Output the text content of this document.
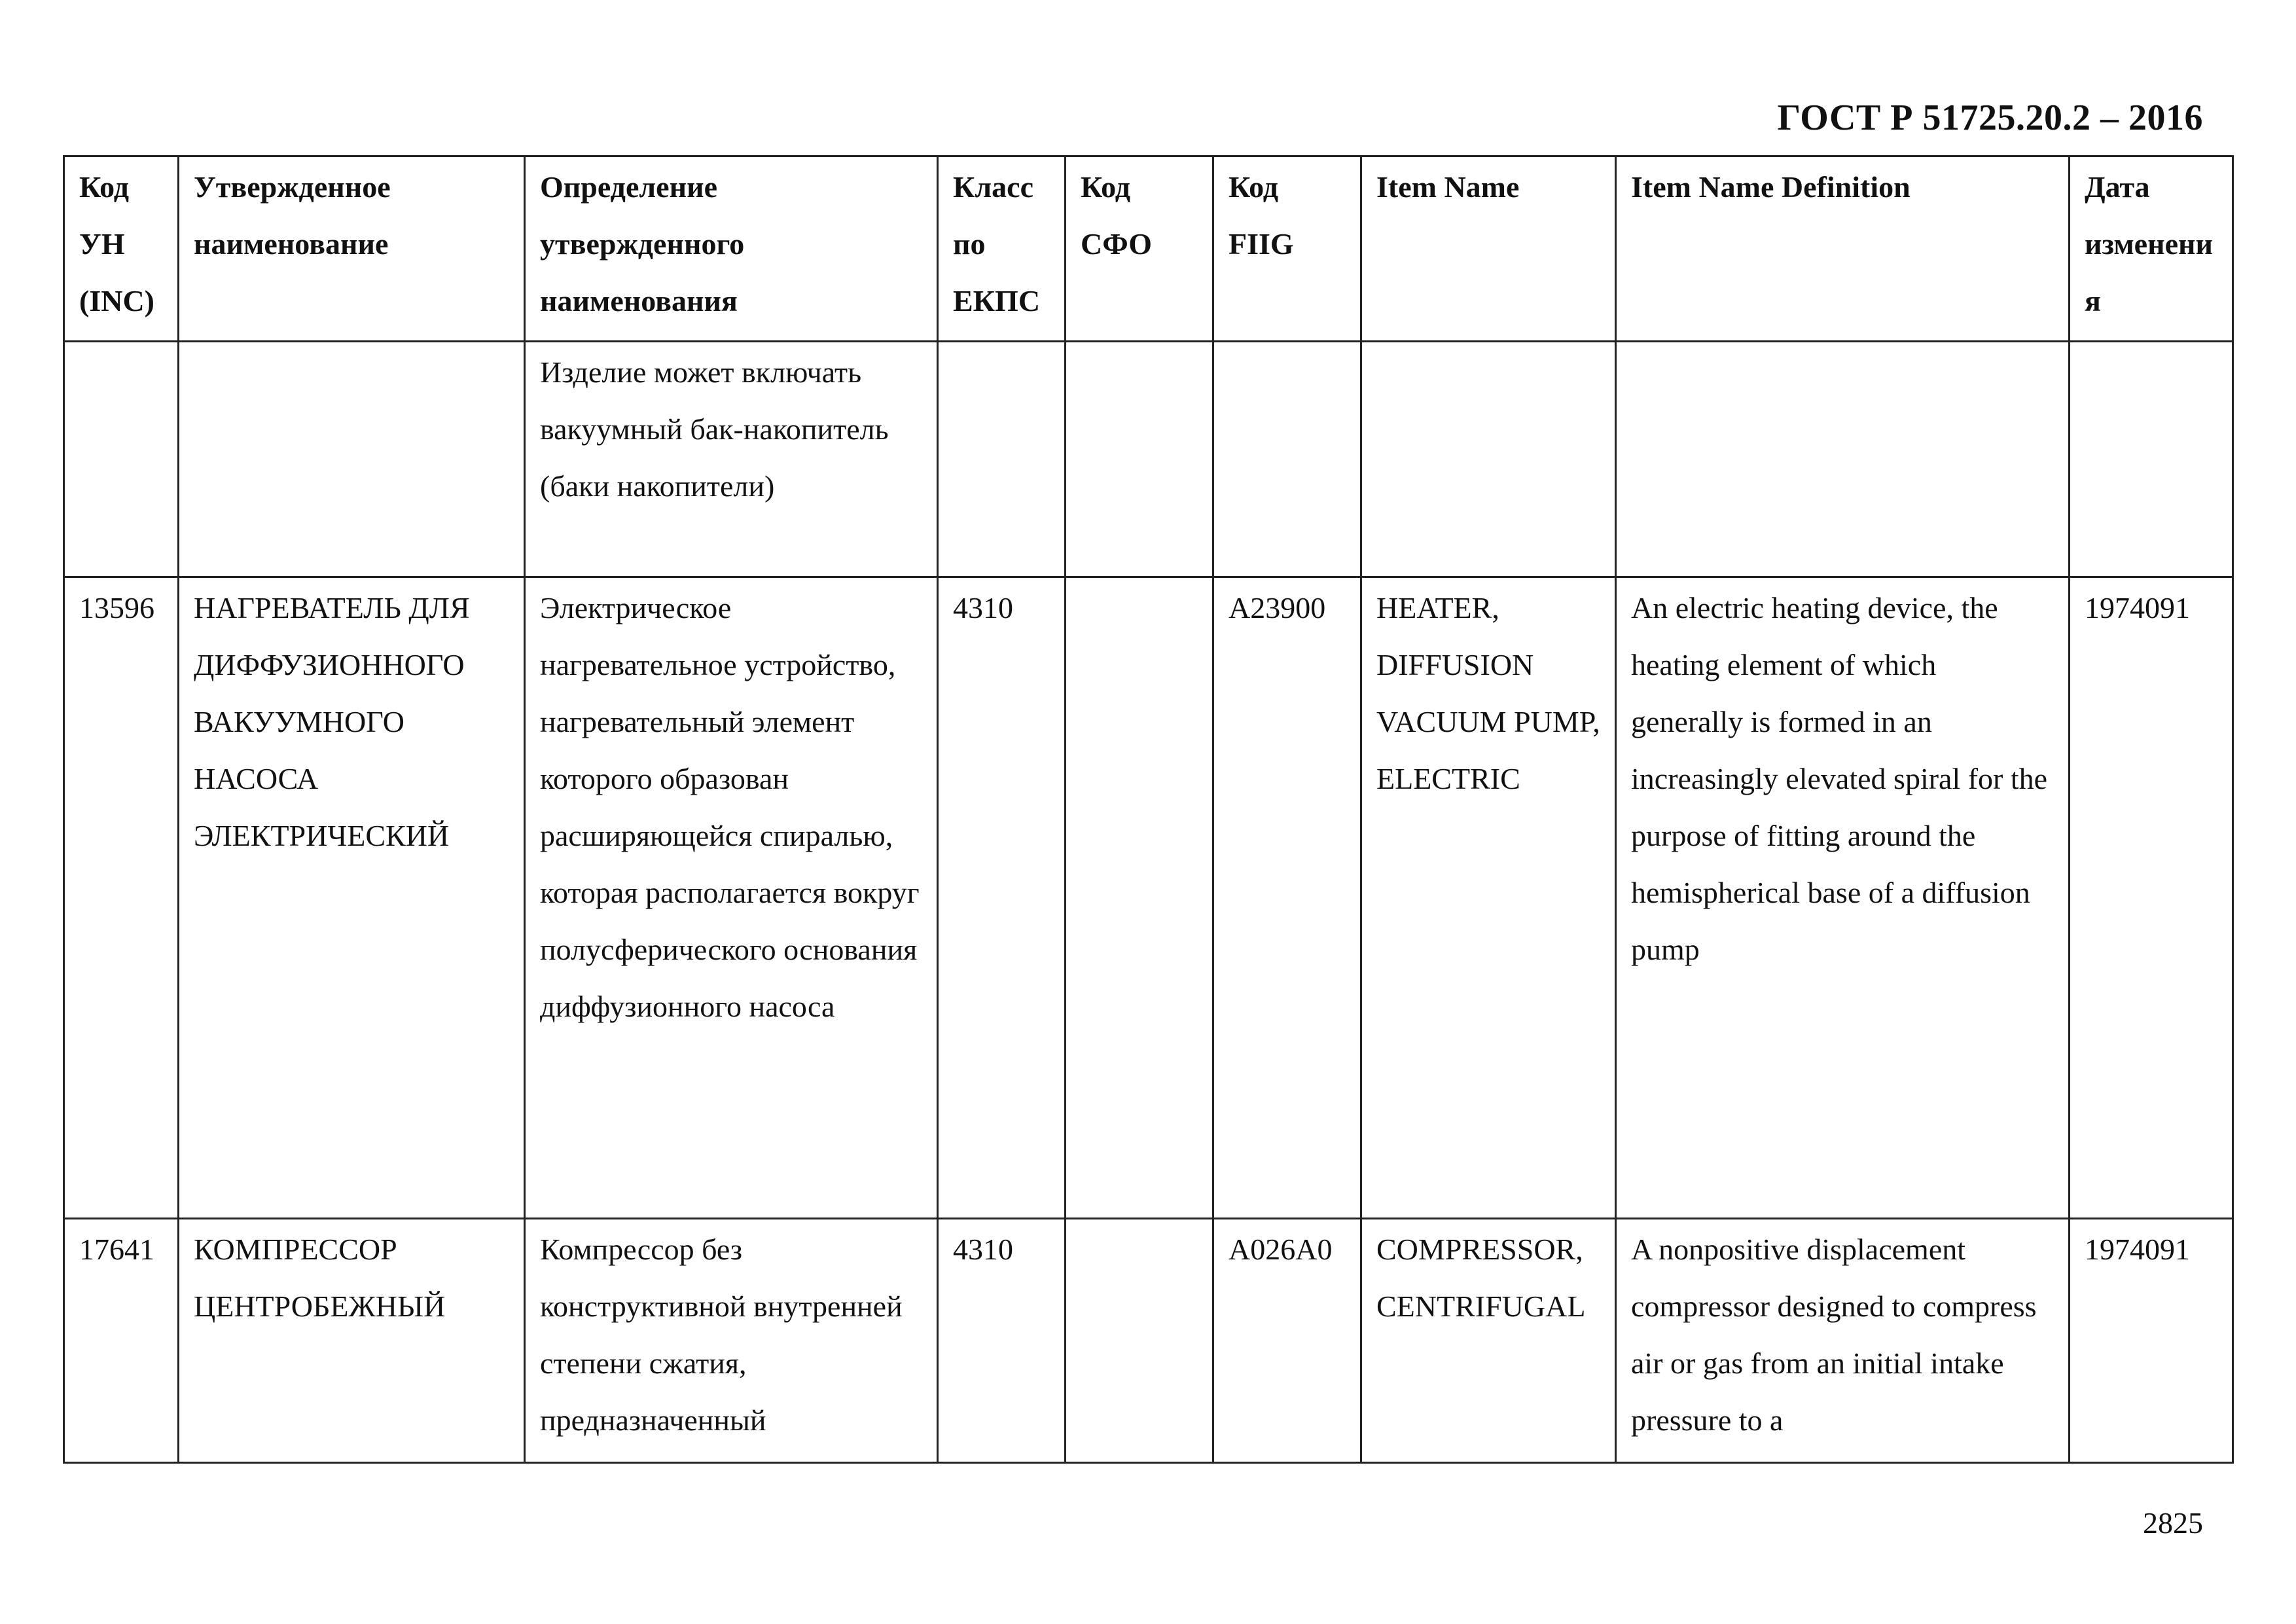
ГОСТ Р 51725.20.2 – 2016
Код УН (INC)	Утвержденное наименование	Определение утвержденного наименования	Класс по ЕКПС	Код СФО	Код FIIG	Item Name	Item Name Definition	Дата изменения
		Изделие может включать вакуумный бак-накопитель (баки накопители)						
13596	НАГРЕВАТЕЛЬ ДЛЯ ДИФФУЗИОННОГО ВАКУУМНОГО НАСОСА ЭЛЕКТРИЧЕСКИЙ	Электрическое нагревательное устройство, нагревательный элемент которого образован расширяющейся спиралью, которая располагается вокруг полусферического основания диффузионного насоса	4310		A23900	HEATER, DIFFUSION VACUUM PUMP, ELECTRIC	An electric heating device, the heating element of which generally is formed in an increasingly elevated spiral for the purpose of fitting around the hemispherical base of a diffusion pump	1974091
17641	КОМПРЕССОР ЦЕНТРОБЕЖНЫЙ	Компрессор без конструктивной внутренней степени сжатия, предназначенный	4310		A026A0	COMPRESSOR, CENTRIFUGAL	A nonpositive displacement compressor designed to compress air or gas from an initial intake pressure to a	1974091
2825
